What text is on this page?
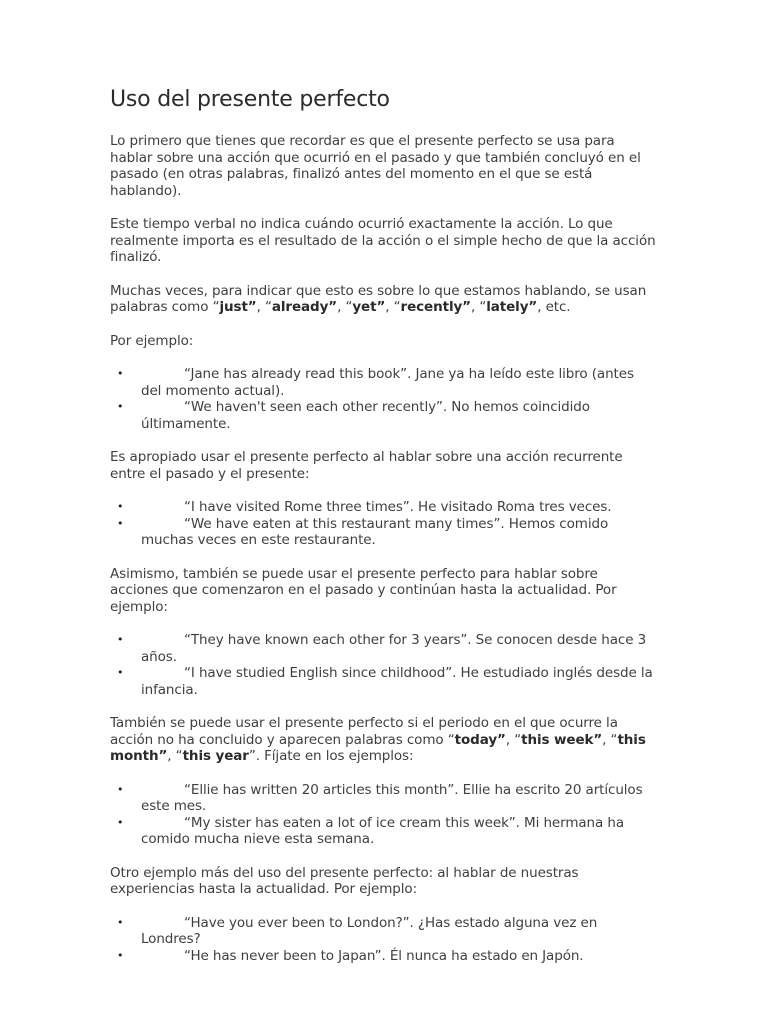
Uso del presente perfecto

Lo primero que tienes que recordar es que el presente perfecto se usa para hablar sobre una acción que ocurrió en el pasado y que también concluyó en el pasado (en otras palabras, finalizó antes del momento en el que se está hablando).

Este tiempo verbal no indica cuándo ocurrió exactamente la acción. Lo que realmente importa es el resultado de la acción o el simple hecho de que la acción finalizó.

Muchas veces, para indicar que esto es sobre lo que estamos hablando, se usan palabras como “just”, “already”, “yet”, “recently”, “lately”, etc.

Por ejemplo:

•	“Jane has already read this book”. Jane ya ha leído este libro (antes del momento actual).
•	“We haven't seen each other recently”. No hemos coincidido últimamente.

Es apropiado usar el presente perfecto al hablar sobre una acción recurrente entre el pasado y el presente:

•	“I have visited Rome three times”. He visitado Roma tres veces.
•	“We have eaten at this restaurant many times”. Hemos comido muchas veces en este restaurante.

Asimismo, también se puede usar el presente perfecto para hablar sobre acciones que comenzaron en el pasado y continúan hasta la actualidad. Por ejemplo:

•	“They have known each other for 3 years”. Se conocen desde hace 3 años.
•	“I have studied English since childhood”. He estudiado inglés desde la infancia.

También se puede usar el presente perfecto si el periodo en el que ocurre la acción no ha concluido y aparecen palabras como “today”, “this week”, “this month”, “this year”. Fíjate en los ejemplos:

•	“Ellie has written 20 articles this month”. Ellie ha escrito 20 artículos este mes.
•	“My sister has eaten a lot of ice cream this week”. Mi hermana ha comido mucha nieve esta semana.

Otro ejemplo más del uso del presente perfecto: al hablar de nuestras experiencias hasta la actualidad. Por ejemplo:

•	“Have you ever been to London?”. ¿Has estado alguna vez en Londres?
•	“He has never been to Japan”. Él nunca ha estado en Japón.
